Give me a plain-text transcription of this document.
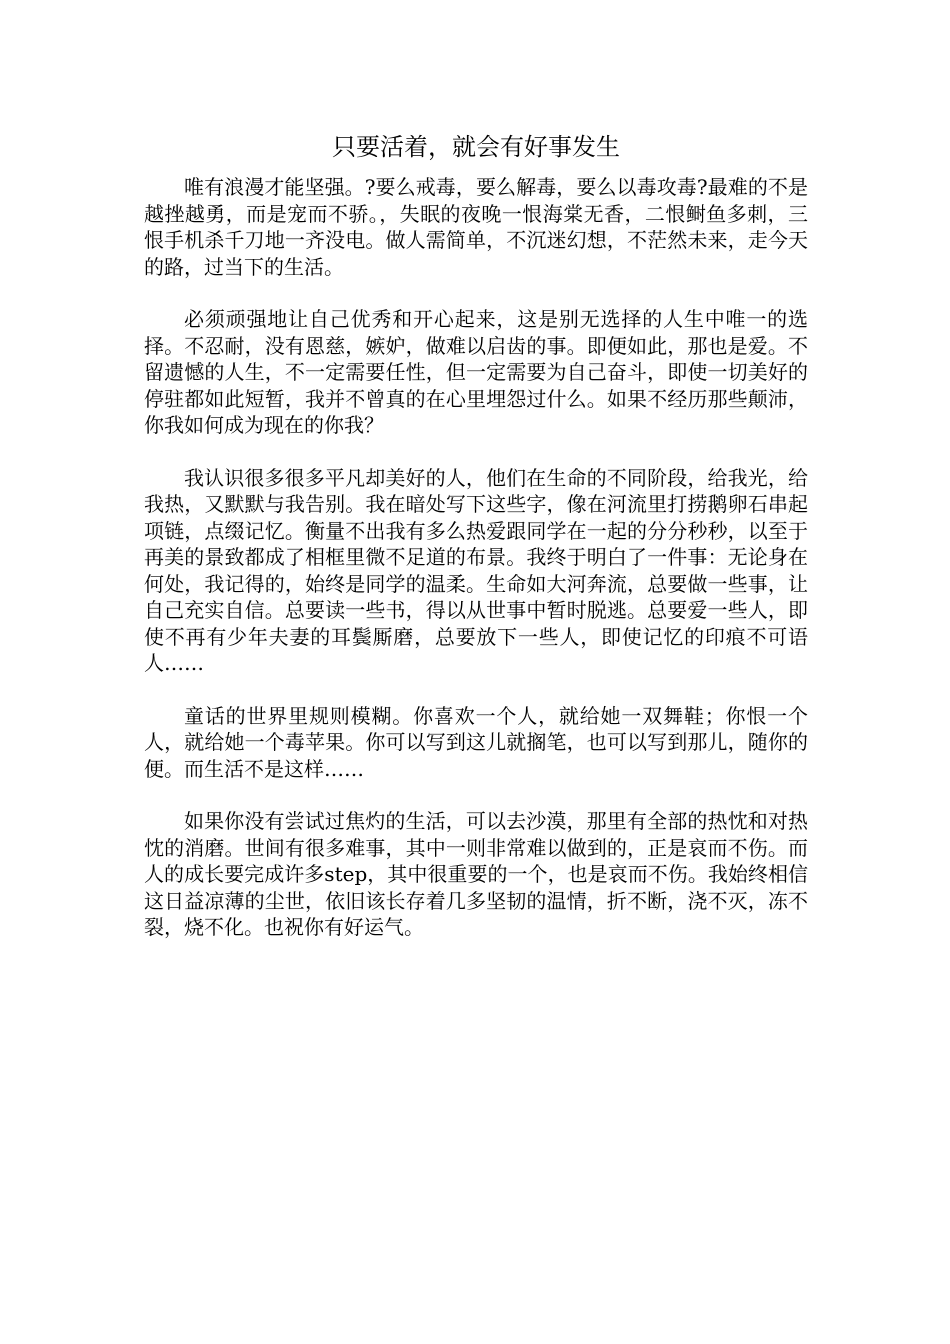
只要活着，就会有好事发生

唯有浪漫才能坚强。?要么戒毒，要么解毒，要么以毒攻毒?最难的不是越挫越勇，而是宠而不骄。，失眠的夜晚一恨海棠无香，二恨鲥鱼多刺，三恨手机杀千刀地一齐没电。做人需简单，不沉迷幻想，不茫然未来，走今天的路，过当下的生活。

必须顽强地让自己优秀和开心起来，这是别无选择的人生中唯一的选择。不忍耐，没有恩慈，嫉妒，做难以启齿的事。即便如此，那也是爱。不留遗憾的人生，不一定需要任性，但一定需要为自己奋斗，即使一切美好的停驻都如此短暂，我并不曾真的在心里埋怨过什么。如果不经历那些颠沛，你我如何成为现在的你我？

我认识很多很多平凡却美好的人，他们在生命的不同阶段，给我光，给我热，又默默与我告别。我在暗处写下这些字，像在河流里打捞鹅卵石串起项链，点缀记忆。衡量不出我有多么热爱跟同学在一起的分分秒秒，以至于再美的景致都成了相框里微不足道的布景。我终于明白了一件事：无论身在何处，我记得的，始终是同学的温柔。生命如大河奔流，总要做一些事，让自己充实自信。总要读一些书，得以从世事中暂时脱逃。总要爱一些人，即使不再有少年夫妻的耳鬓厮磨，总要放下一些人，即使记忆的印痕不可语人……

童话的世界里规则模糊。你喜欢一个人，就给她一双舞鞋；你恨一个人，就给她一个毒苹果。你可以写到这儿就搁笔，也可以写到那儿，随你的便。而生活不是这样……

如果你没有尝试过焦灼的生活，可以去沙漠，那里有全部的热忱和对热忱的消磨。世间有很多难事，其中一则非常难以做到的，正是哀而不伤。而人的成长要完成许多step，其中很重要的一个，也是哀而不伤。我始终相信这日益凉薄的尘世，依旧该长存着几多坚韧的温情，折不断，浇不灭，冻不裂，烧不化。也祝你有好运气。
